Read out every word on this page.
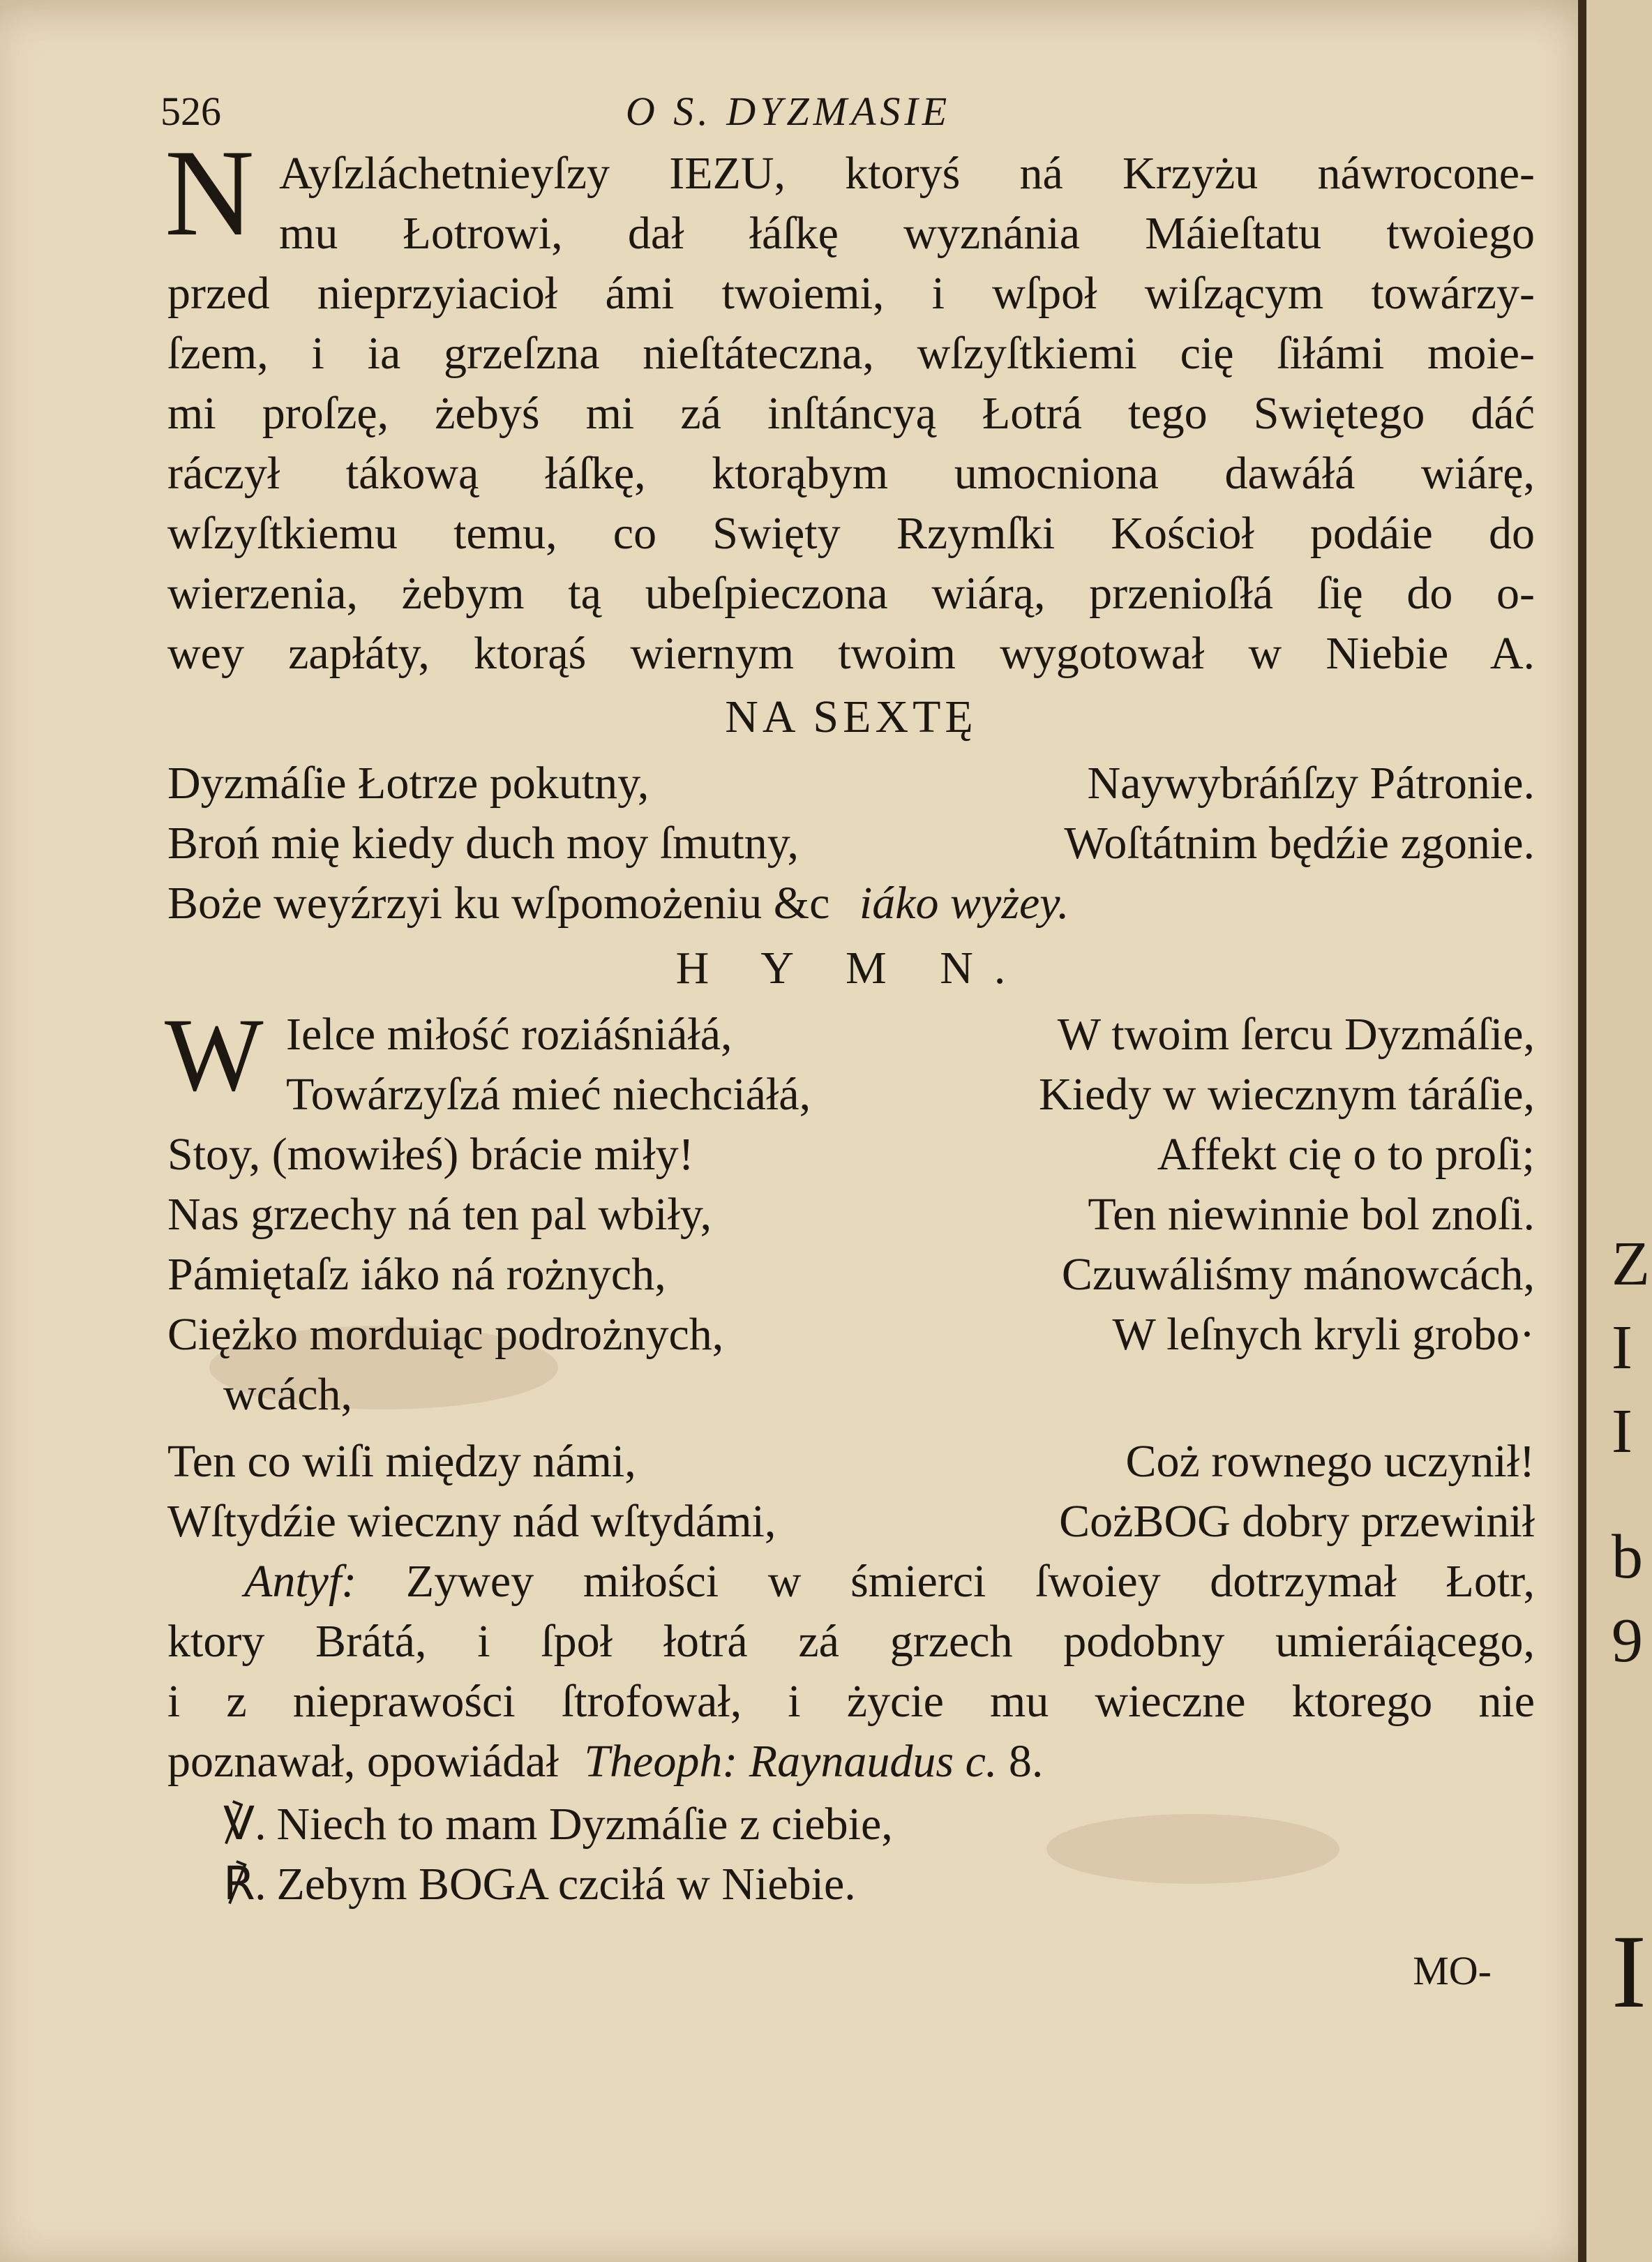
Z
I
I
b
9
I
526	O S. DYZMASIE
N Ayſzláchetnieyſzy IEZU, ktoryś ná Krzyżu náwrocone-
mu Łotrowi, dał łáſkę wyznánia Máieſtatu twoiego
przed nieprzyiacioł ámi twoiemi, i wſpoł wiſzącym towárzy-
ſzem, i ia grzeſzna nieſtáteczna, wſzyſtkiemi cię ſiłámi moie-
mi proſzę, żebyś mi zá inſtáncyą Łotrá tego Swiętego dáć
ráczył tákową łáſkę, ktorąbym umocniona dawáłá wiárę,
wſzyſtkiemu temu, co Swięty Rzymſki Kościoł podáie do
wierzenia, żebym tą ubeſpieczona wiárą, przenioſłá ſię do o-
wey zapłáty, ktorąś wiernym twoim wygotował w Niebie A.
NA SEXTĘ
Dyzmáſie Łotrze pokutny,	Naywybráńſzy Pátronie.
Broń mię kiedy duch moy ſmutny,	Woſtátnim będźie zgonie.
Boże weyźrzyi ku wſpomożeniu &c iáko wyżey.
H Y M N.
W Ielce miłość roziáśniáłá,	W twoim ſercu Dyzmáſie,
Towárzyſzá mieć niechciáłá,	Kiedy w wiecznym táráſie,
Stoy, (mowiłeś) brácie miły!	Affekt cię o to proſi;
Nas grzechy ná ten pal wbiły,	Ten niewinnie bol znoſi.
Pámiętaſz iáko ná rożnych,	Czuwáliśmy mánowcách,
Ciężko morduiąc podrożnych,	W leſnych kryli grobo·
wcách,
Ten co wiſi między námi,	Coż rownego uczynił!
Wſtydźie wieczny nád wſtydámi,	CożBOG dobry przewinił
Antyf: Zywey miłości w śmierci ſwoiey dotrzymał Łotr,
ktory Brátá, i ſpoł łotrá zá grzech podobny umieráiącego,
i z nieprawości ſtrofował, i życie mu wieczne ktorego nie
poznawał, opowiádał Theoph: Raynaudus c. 8.
℣. Niech to mam Dyzmáſie z ciebie,
℟. Zebym BOGA czciłá w Niebie.
MO-
